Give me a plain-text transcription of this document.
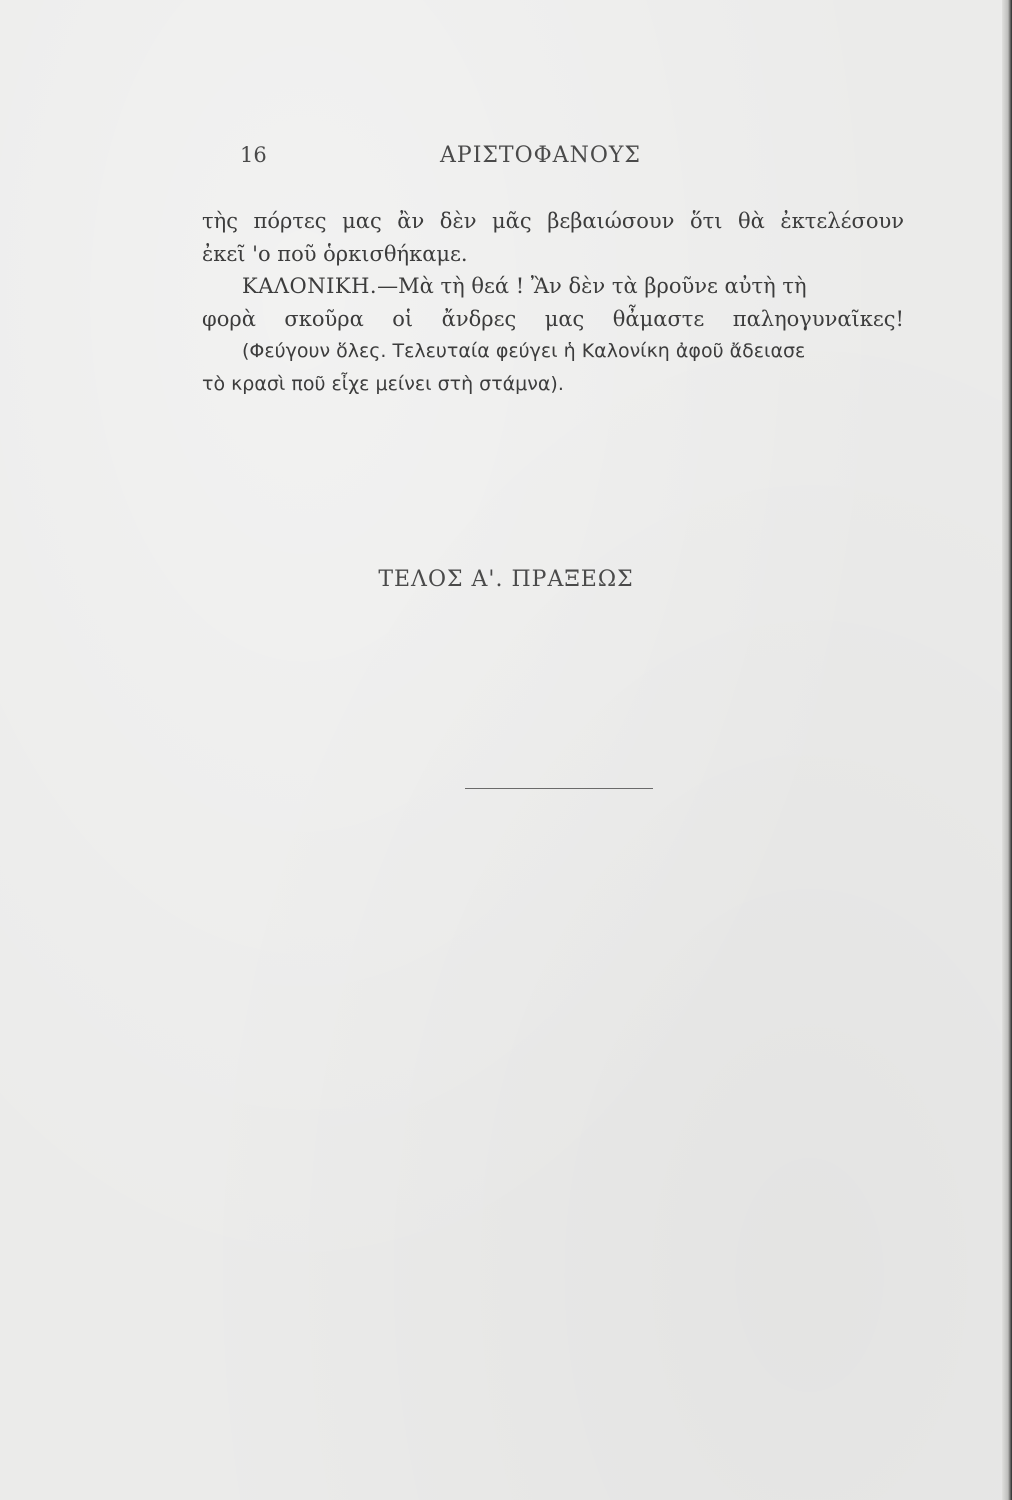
16	ΑΡΙΣΤΟΦΑΝΟΥΣ
τὴς πόρτες μας ἂν δὲν μᾶς βεβαιώσουν ὅτι θὰ ἐκτελέσουν
ἐκεῖ 'ο ποῦ ὁρκισθήκαμε.
ΚΑΛΟΝΙΚΗ.—Μὰ τὴ θεά ! Ἂν δὲν τὰ βροῦνε αὐτὴ τὴ
φορὰ σκοῦρα οἱ ἄνδρες μας θἆμαστε παληογυναῖκες!
(Φεύγουν ὅλες. Τελευταία φεύγει ἡ Καλονίκη ἀφοῦ ἄδειασε
τὸ κρασὶ ποῦ εἶχε μείνει στὴ στάμνα).
ΤΕΛΟΣ Α'. ΠΡΑΞΕΩΣ
